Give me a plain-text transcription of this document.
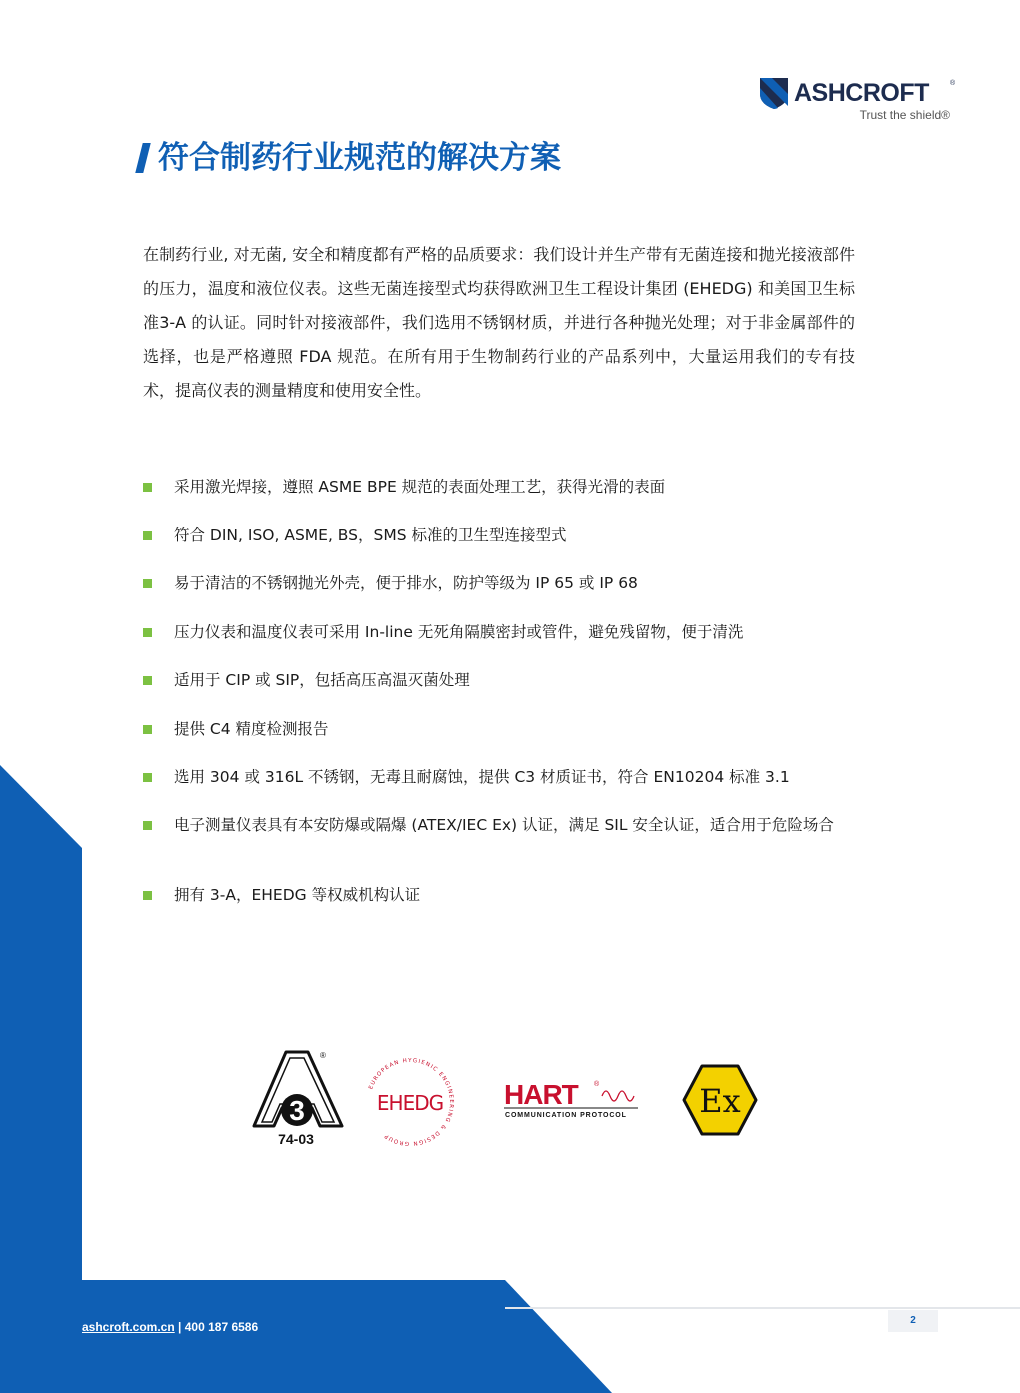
ASHCROFT	®
Trust the shield®
符合制药行业规范的解决方案

在制药行业, 对无菌, 安全和精度都有严格的品质要求：我们设计并生产带有无菌连接和抛光接液部件的压力，温度和液位仪表。这些无菌连接型式均获得欧洲卫生工程设计集团 (EHEDG) 和美国卫生标准3-A 的认证。同时针对接液部件，我们选用不锈钢材质，并进行各种抛光处理；对于非金属部件的选择，也是严格遵照 FDA 规范。在所有用于生物制药行业的产品系列中，大量运用我们的专有技术，提高仪表的测量精度和使用安全性。

采用激光焊接，遵照 ASME BPE 规范的表面处理工艺，获得光滑的表面
符合 DIN, ISO, ASME, BS，SMS 标准的卫生型连接型式
易于清洁的不锈钢抛光外壳，便于排水，防护等级为 IP 65 或 IP 68
压力仪表和温度仪表可采用 In-line 无死角隔膜密封或管件，避免残留物，便于清洗
适用于 CIP 或 SIP，包括高压高温灭菌处理
提供 C4 精度检测报告
选用 304 或 316L 不锈钢，无毒且耐腐蚀，提供 C3 材质证书，符合 EN10204 标准 3.1
电子测量仪表具有本安防爆或隔爆 (ATEX/IEC Ex) 认证，满足 SIL 安全认证，适合用于危险场合
拥有 3-A，EHEDG 等权威机构认证
3
®
74-03
EUROPEAN HYGIENIC ENGINEERING & DESIGN GROUP
EHEDG HART ®
COMMUNICATION PROTOCOL Ex
ashcroft.com.cn | 400 187 6586	2
